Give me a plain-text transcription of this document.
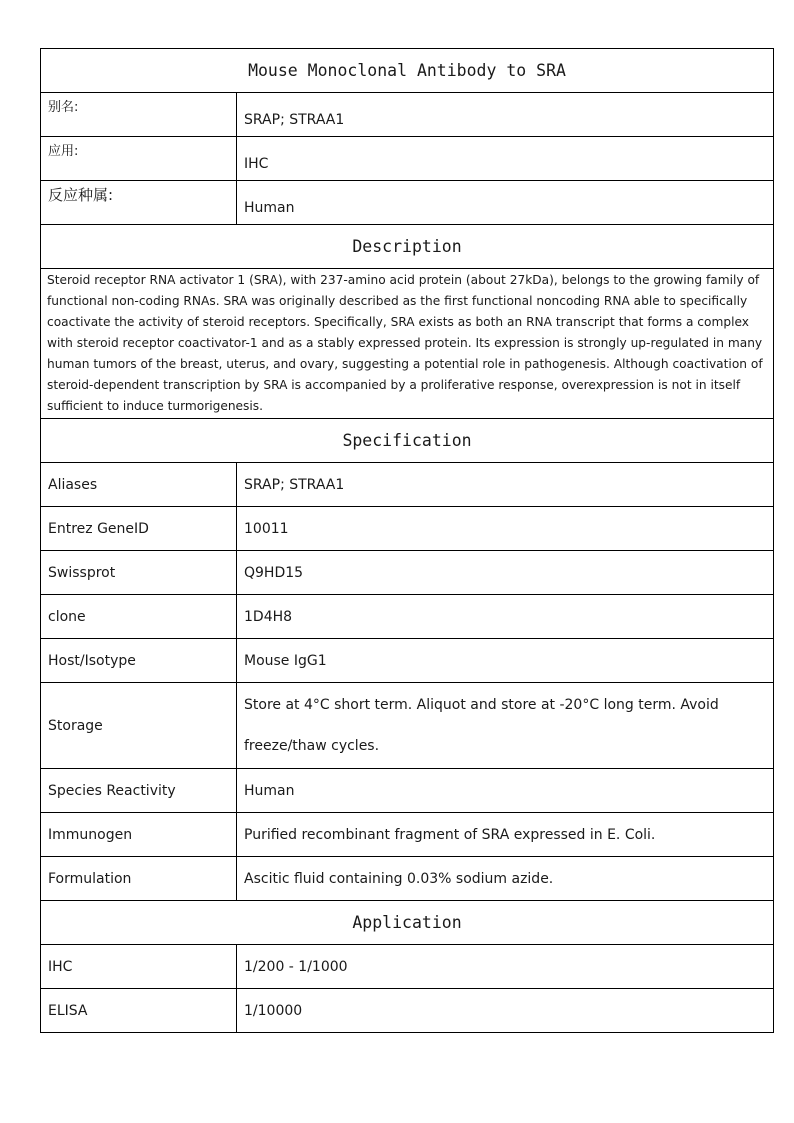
Mouse Monoclonal Antibody to SRA	
别名:	SRAP; STRAA1
应用:	IHC
反应种属:	Human
Description	
Steroid receptor RNA activator 1 (SRA), with 237-amino acid protein (about 27kDa), belongs to the growing family of functional non-coding RNAs. SRA was originally described as the first functional noncoding RNA able to specifically coactivate the activity of steroid receptors. Specifically, SRA exists as both an RNA transcript that forms a complex with steroid receptor coactivator-1 and as a stably expressed protein. Its expression is strongly up-regulated in many human tumors of the breast, uterus, and ovary, suggesting a potential role in pathogenesis. Although coactivation of steroid-dependent transcription by SRA is accompanied by a proliferative response, overexpression is not in itself sufficient to induce turmorigenesis.	
Specification	
Aliases	SRAP; STRAA1
Entrez GeneID	10011
Swissprot	Q9HD15
clone	1D4H8
Host/Isotype	Mouse IgG1
Storage	Store at 4°C short term. Aliquot and store at -20°C long term. Avoid freeze/thaw cycles.
Species Reactivity	Human
Immunogen	Purified recombinant fragment of SRA expressed in E. Coli.
Formulation	Ascitic fluid containing 0.03% sodium azide.
Application	
IHC	1/200 - 1/1000
ELISA	1/10000
